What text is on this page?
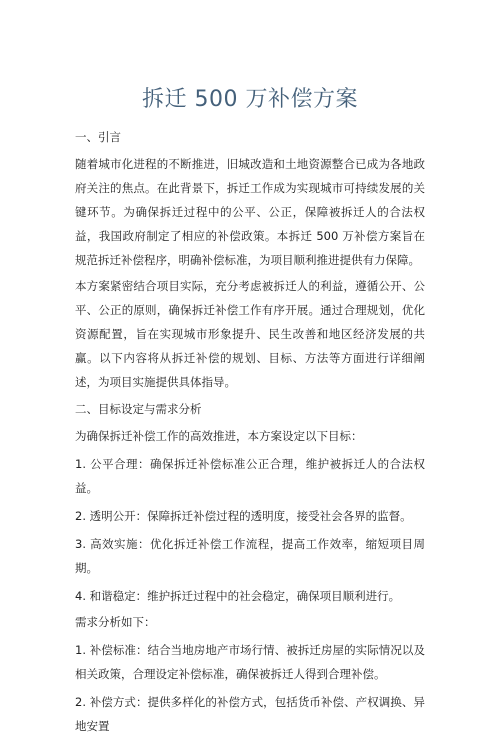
拆迁 500 万补偿方案

一、引言

随着城市化进程的不断推进，旧城改造和土地资源整合已成为各地政府关注的焦点。在此背景下，拆迁工作成为实现城市可持续发展的关键环节。为确保拆迁过程中的公平、公正，保障被拆迁人的合法权益，我国政府制定了相应的补偿政策。本拆迁 500 万补偿方案旨在规范拆迁补偿程序，明确补偿标准，为项目顺利推进提供有力保障。

本方案紧密结合项目实际，充分考虑被拆迁人的利益，遵循公开、公平、公正的原则，确保拆迁补偿工作有序开展。通过合理规划，优化资源配置，旨在实现城市形象提升、民生改善和地区经济发展的共赢。以下内容将从拆迁补偿的规划、目标、方法等方面进行详细阐述，为项目实施提供具体指导。

二、目标设定与需求分析

为确保拆迁补偿工作的高效推进，本方案设定以下目标：

1. 公平合理：确保拆迁补偿标准公正合理，维护被拆迁人的合法权益。

2. 透明公开：保障拆迁补偿过程的透明度，接受社会各界的监督。

3. 高效实施：优化拆迁补偿工作流程，提高工作效率，缩短项目周期。

4. 和谐稳定：维护拆迁过程中的社会稳定，确保项目顺利进行。

需求分析如下：

1. 补偿标准：结合当地房地产市场行情、被拆迁房屋的实际情况以及相关政策，合理设定补偿标准，确保被拆迁人得到合理补偿。

2. 补偿方式：提供多样化的补偿方式，包括货币补偿、产权调换、异地安置
